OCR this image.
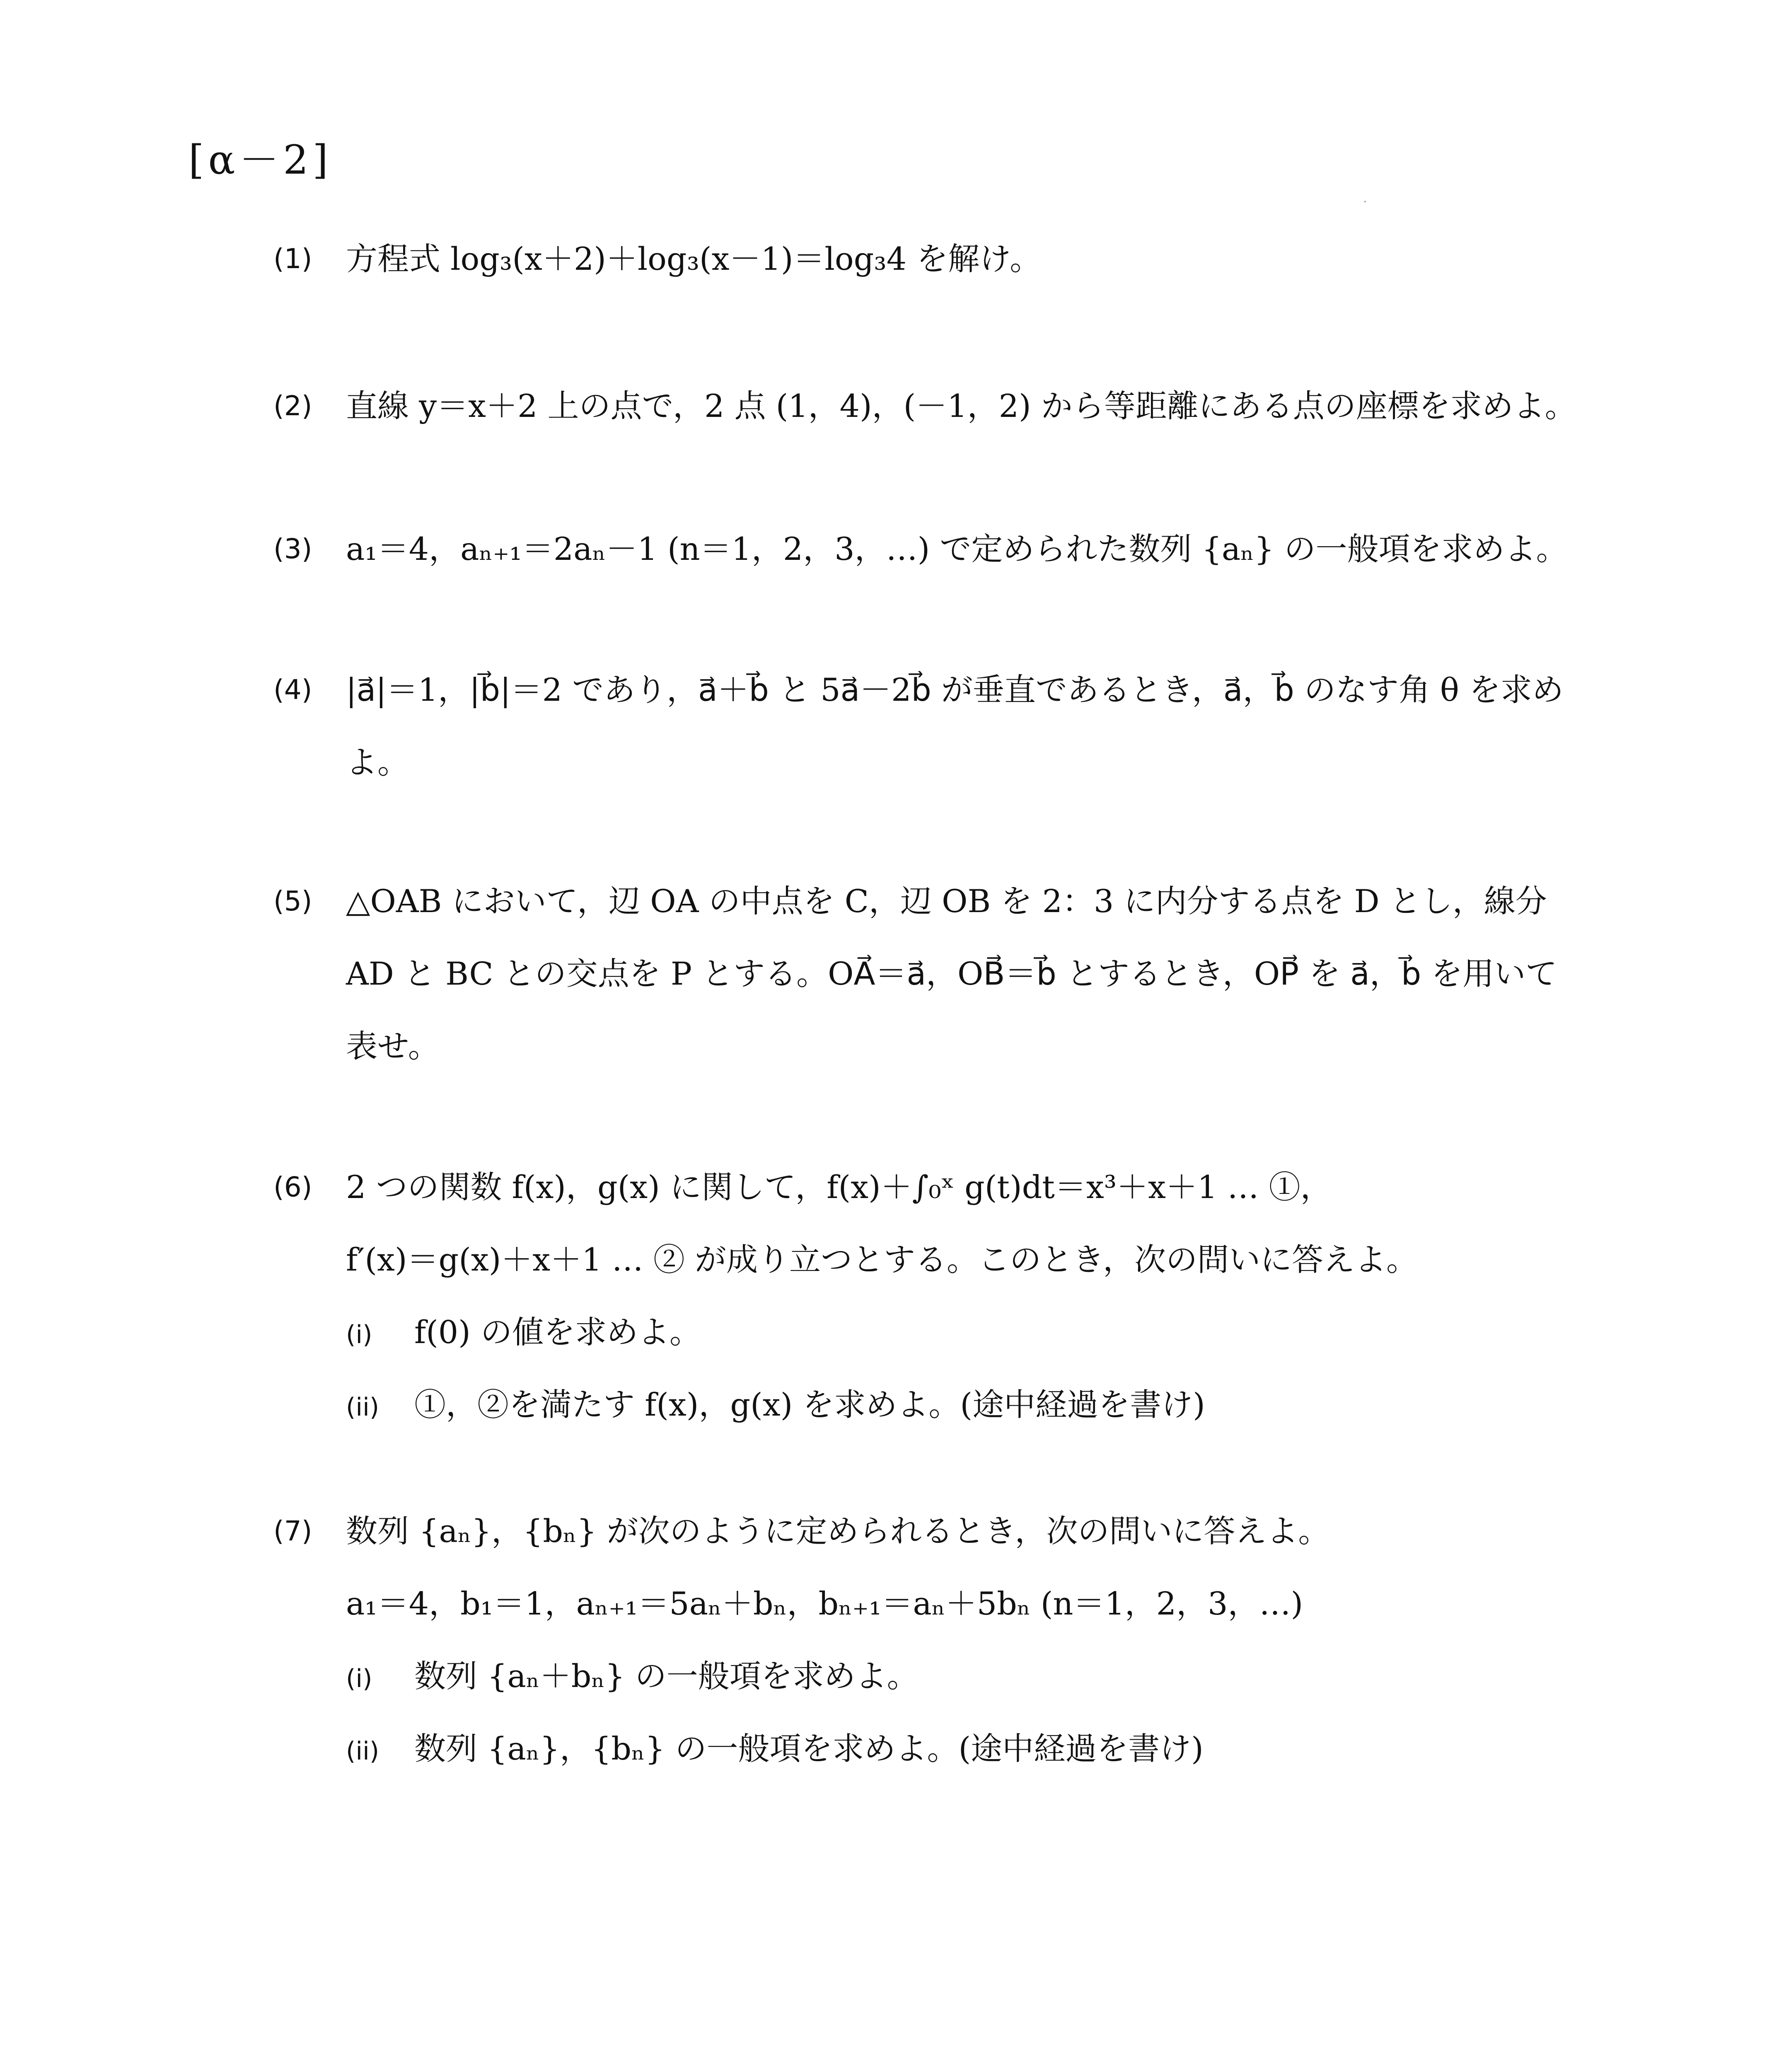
[α－2]
·
(1) 方程式 log₃(x＋2)＋log₃(x－1)＝log₃4 を解け。
(2) 直線 y＝x＋2 上の点で，2 点 (1，4)，(－1，2) から等距離にある点の座標を求めよ。
(3) a₁＝4，aₙ₊₁＝2aₙ－1 (n＝1，2，3，…) で定められた数列 {aₙ} の一般項を求めよ。
(4) |a⃗|＝1，|b⃗|＝2 であり，a⃗＋b⃗ と 5a⃗－2b⃗ が垂直であるとき，a⃗，b⃗ のなす角 θ を求め
よ。
(5) △OAB において，辺 OA の中点を C，辺 OB を 2：3 に内分する点を D とし，線分
AD と BC との交点を P とする。OA⃗＝a⃗，OB⃗＝b⃗ とするとき，OP⃗ を a⃗，b⃗ を用いて
表せ。
(6) 2 つの関数 f(x)，g(x) に関して，f(x)＋∫₀ˣ g(t)dt＝x³＋x＋1 … ①，
f′(x)＝g(x)＋x＋1 … ② が成り立つとする。このとき，次の問いに答えよ。
(i) f(0) の値を求めよ。
(ii) ①，②を満たす f(x)，g(x) を求めよ。(途中経過を書け)
(7) 数列 {aₙ}，{bₙ} が次のように定められるとき，次の問いに答えよ。
a₁＝4，b₁＝1，aₙ₊₁＝5aₙ＋bₙ，bₙ₊₁＝aₙ＋5bₙ (n＝1，2，3，…)
(i) 数列 {aₙ＋bₙ} の一般項を求めよ。
(ii) 数列 {aₙ}，{bₙ} の一般項を求めよ。(途中経過を書け)
